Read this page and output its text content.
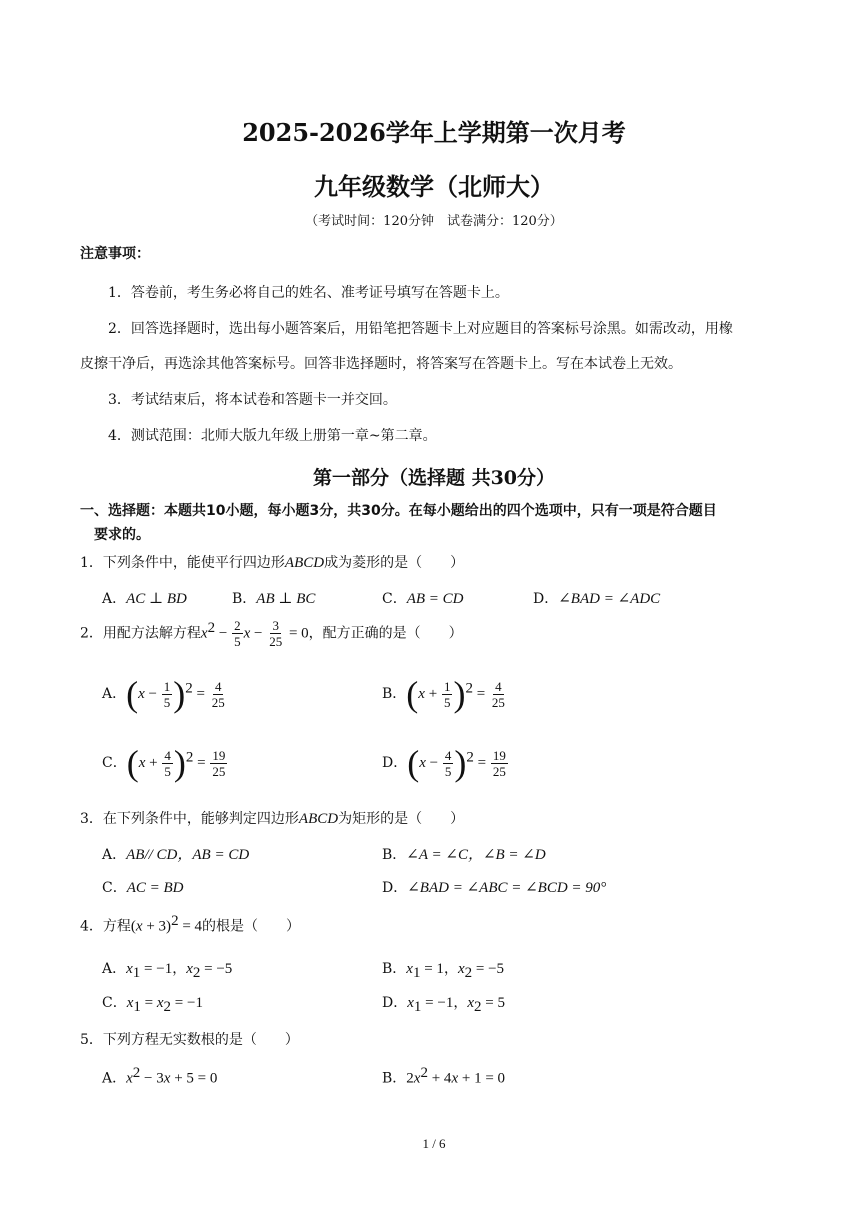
2025-2026学年上学期第一次月考
九年级数学（北师大）
（考试时间：120分钟　试卷满分：120分）
注意事项：
1．答卷前，考生务必将自己的姓名、准考证号填写在答题卡上。
2．回答选择题时，选出每小题答案后，用铅笔把答题卡上对应题目的答案标号涂黑。如需改动，用橡
皮擦干净后，再选涂其他答案标号。回答非选择题时，将答案写在答题卡上。写在本试卷上无效。
3．考试结束后，将本试卷和答题卡一并交回。
4．测试范围：北师大版九年级上册第一章~第二章。
第一部分（选择题 共30分）
一、选择题：本题共10小题，每小题3分，共30分。在每小题给出的四个选项中，只有一项是符合题目
要求的。
1．下列条件中，能使平行四边形ABCD成为菱形的是（　　）
A．AC ⊥ BD	B．AB ⊥ BC	C．AB = CD	D．∠BAD = ∠ADC
2．用配方法解方程$x^2 - \frac{2}{5}$ $x - \frac{3}{25} = 0$，配方正确的是（　　）
A．$(x - \frac{1}{5} )^2 = \frac{4}{25}$	B．$(x + \frac{1}{5} )^2 = \frac{4}{25}$
C．$(x + \frac{4}{5} )^2 = \frac{19}{25}$	D．$(x - \frac{4}{5} )^2 = \frac{19}{25}$
3．在下列条件中，能够判定四边形ABCD为矩形的是（　　）
A．AB// CD，AB = CD	B．∠A = ∠C，∠B = ∠D
C．AC = BD	D．∠BAD = ∠ABC = ∠BCD = 90°
4．方程$(x + 3)^2 = 4$的根是（　　）
A．$x_1 = -1$，$x_2 = -5$	B．$x_1 = 1$，$x_2 = -5$
C．$x_1 = x_2 = -1$	D．$x_1 = -1$，$x_2 = 5$
5．下列方程无实数根的是（　　）
A．$x^2 - 3x + 5 = 0$	B．$2x^2 + 4x + 1 = 0$
1 / 6
